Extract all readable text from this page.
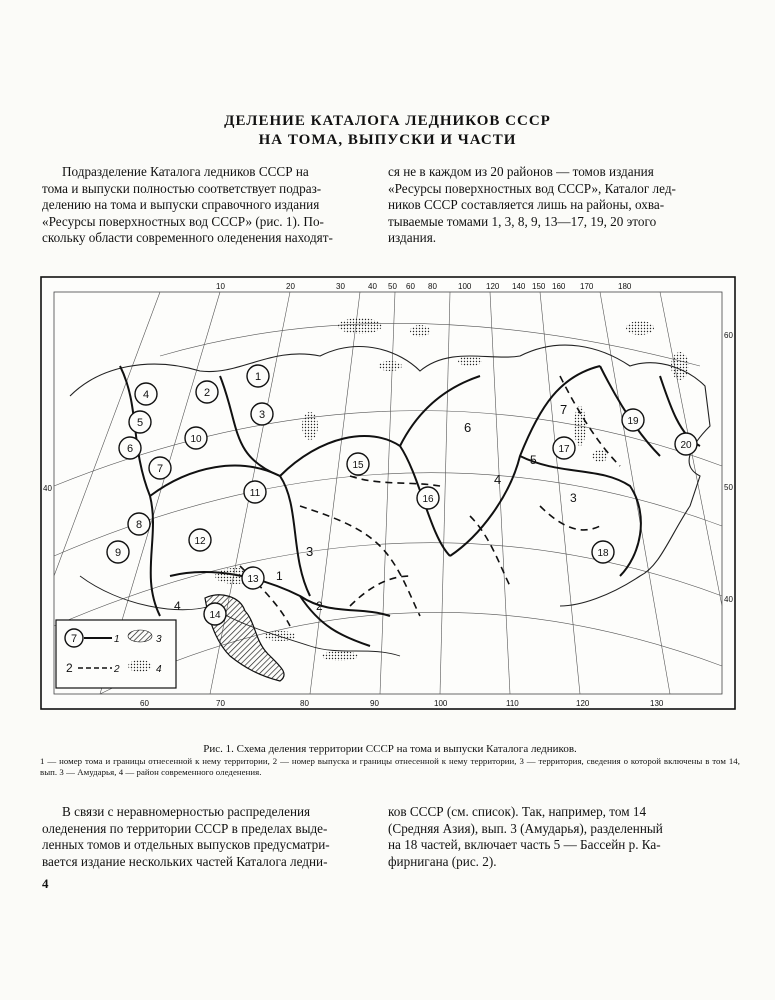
ДЕЛЕНИЕ КАТАЛОГА ЛЕДНИКОВ СССР
НА ТОМА, ВЫПУСКИ И ЧАСТИ

Подразделение Каталога ледников СССР на

тома и выпуски полностью соответствует подраз-

делению на тома и выпуски справочного издания

«Ресурсы поверхностных вод СССР» (рис. 1). По-

скольку области современного оледенения находят-

ся не в каждом из 20 районов — томов издания

«Ресурсы поверхностных вод СССР», Каталог лед-

ников СССР составляется лишь на районы, охва-

тываемые томами 1, 3, 8, 9, 13—17, 19, 20 этого

издания.

10	20	30	40 50 60 80	100 120 140 150 160 170	180
60	70	80	90	100	110	120	130
40
60
50
40
1
2
3
4
5
6
7
8
9
10
11
12
13
14
15
16
17
18
19
20
3
4
6
7
1
2
3
4
5
7	1
2	2
3
4
Рис. 1. Схема деления территории СССР на тома и выпуски Каталога ледников.
1 — номер тома и границы отнесенной к нему территории, 2 — номер выпуска и границы отнесенной к нему территории, 3 — территория, сведения о которой включены в том 14, вып. 3 — Амударья, 4 — район современного оледенения.

В связи с неравномерностью распределения

оледенения по территории СССР в пределах выде-

ленных томов и отдельных выпусков предусматри-

вается издание нескольких частей Каталога ледни-

ков СССР (см. список). Так, например, том 14

(Средняя Азия), вып. 3 (Амударья), разделенный

на 18 частей, включает часть 5 — Бассейн р. Ка-

фирнигана (рис. 2).

4
